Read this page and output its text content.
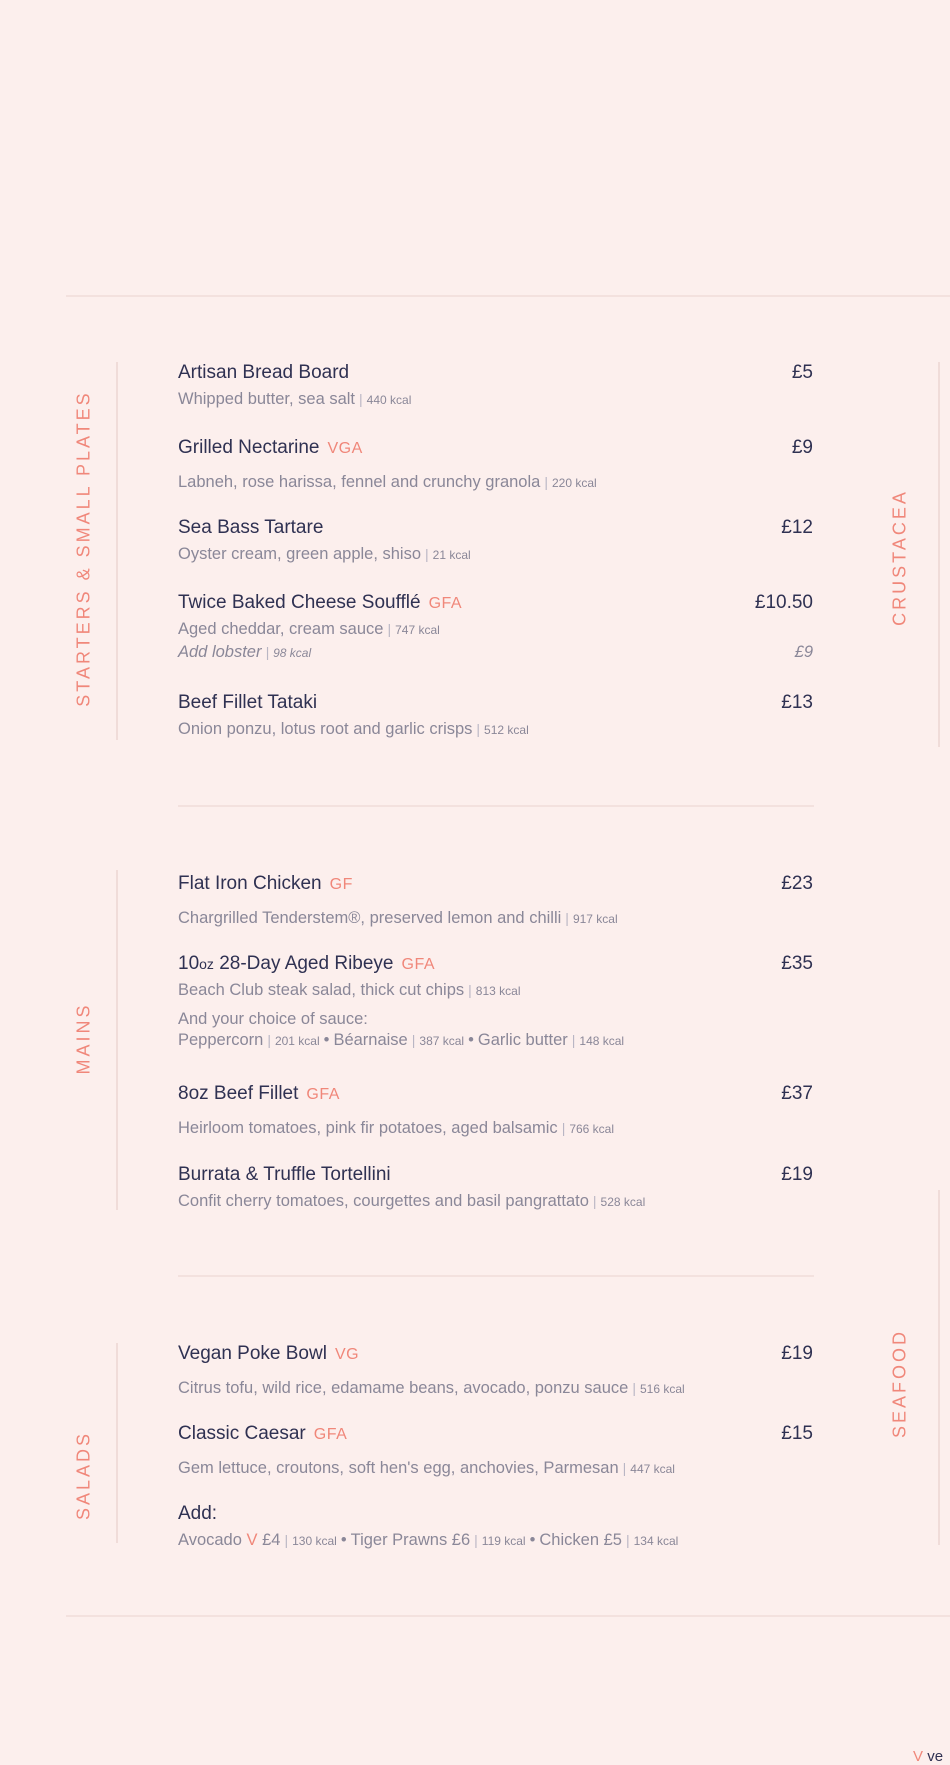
STARTERS & SMALL PLATES
MAINS
SALADS
CRUSTACEA
SEAFOOD
Artisan Bread Board	£5
Whipped butter, sea salt | 440 kcal
Grilled Nectarine VGA	£9
Labneh, rose harissa, fennel and crunchy granola | 220 kcal
Sea Bass Tartare	£12
Oyster cream, green apple, shiso | 21 kcal
Twice Baked Cheese Soufflé GFA	£10.50
Aged cheddar, cream sauce | 747 kcal
Add lobster | 98 kcal	£9
Beef Fillet Tataki	£13
Onion ponzu, lotus root and garlic crisps | 512 kcal
Flat Iron Chicken GF	£23
Chargrilled Tenderstem®, preserved lemon and chilli | 917 kcal
10oz 28-Day Aged Ribeye GFA	£35
Beach Club steak salad, thick cut chips | 813 kcal
And your choice of sauce:
Peppercorn | 201 kcal • Béarnaise | 387 kcal • Garlic butter | 148 kcal
8oz Beef Fillet GFA	£37
Heirloom tomatoes, pink fir potatoes, aged balsamic | 766 kcal
Burrata & Truffle Tortellini	£19
Confit cherry tomatoes, courgettes and basil pangrattato | 528 kcal
Vegan Poke Bowl VG	£19
Citrus tofu, wild rice, edamame beans, avocado, ponzu sauce | 516 kcal
Classic Caesar GFA	£15
Gem lettuce, croutons, soft hen's egg, anchovies, Parmesan | 447 kcal
Add:
Avocado V £4 | 130 kcal • Tiger Prawns £6 | 119 kcal • Chicken £5 | 134 kcal
V ve
